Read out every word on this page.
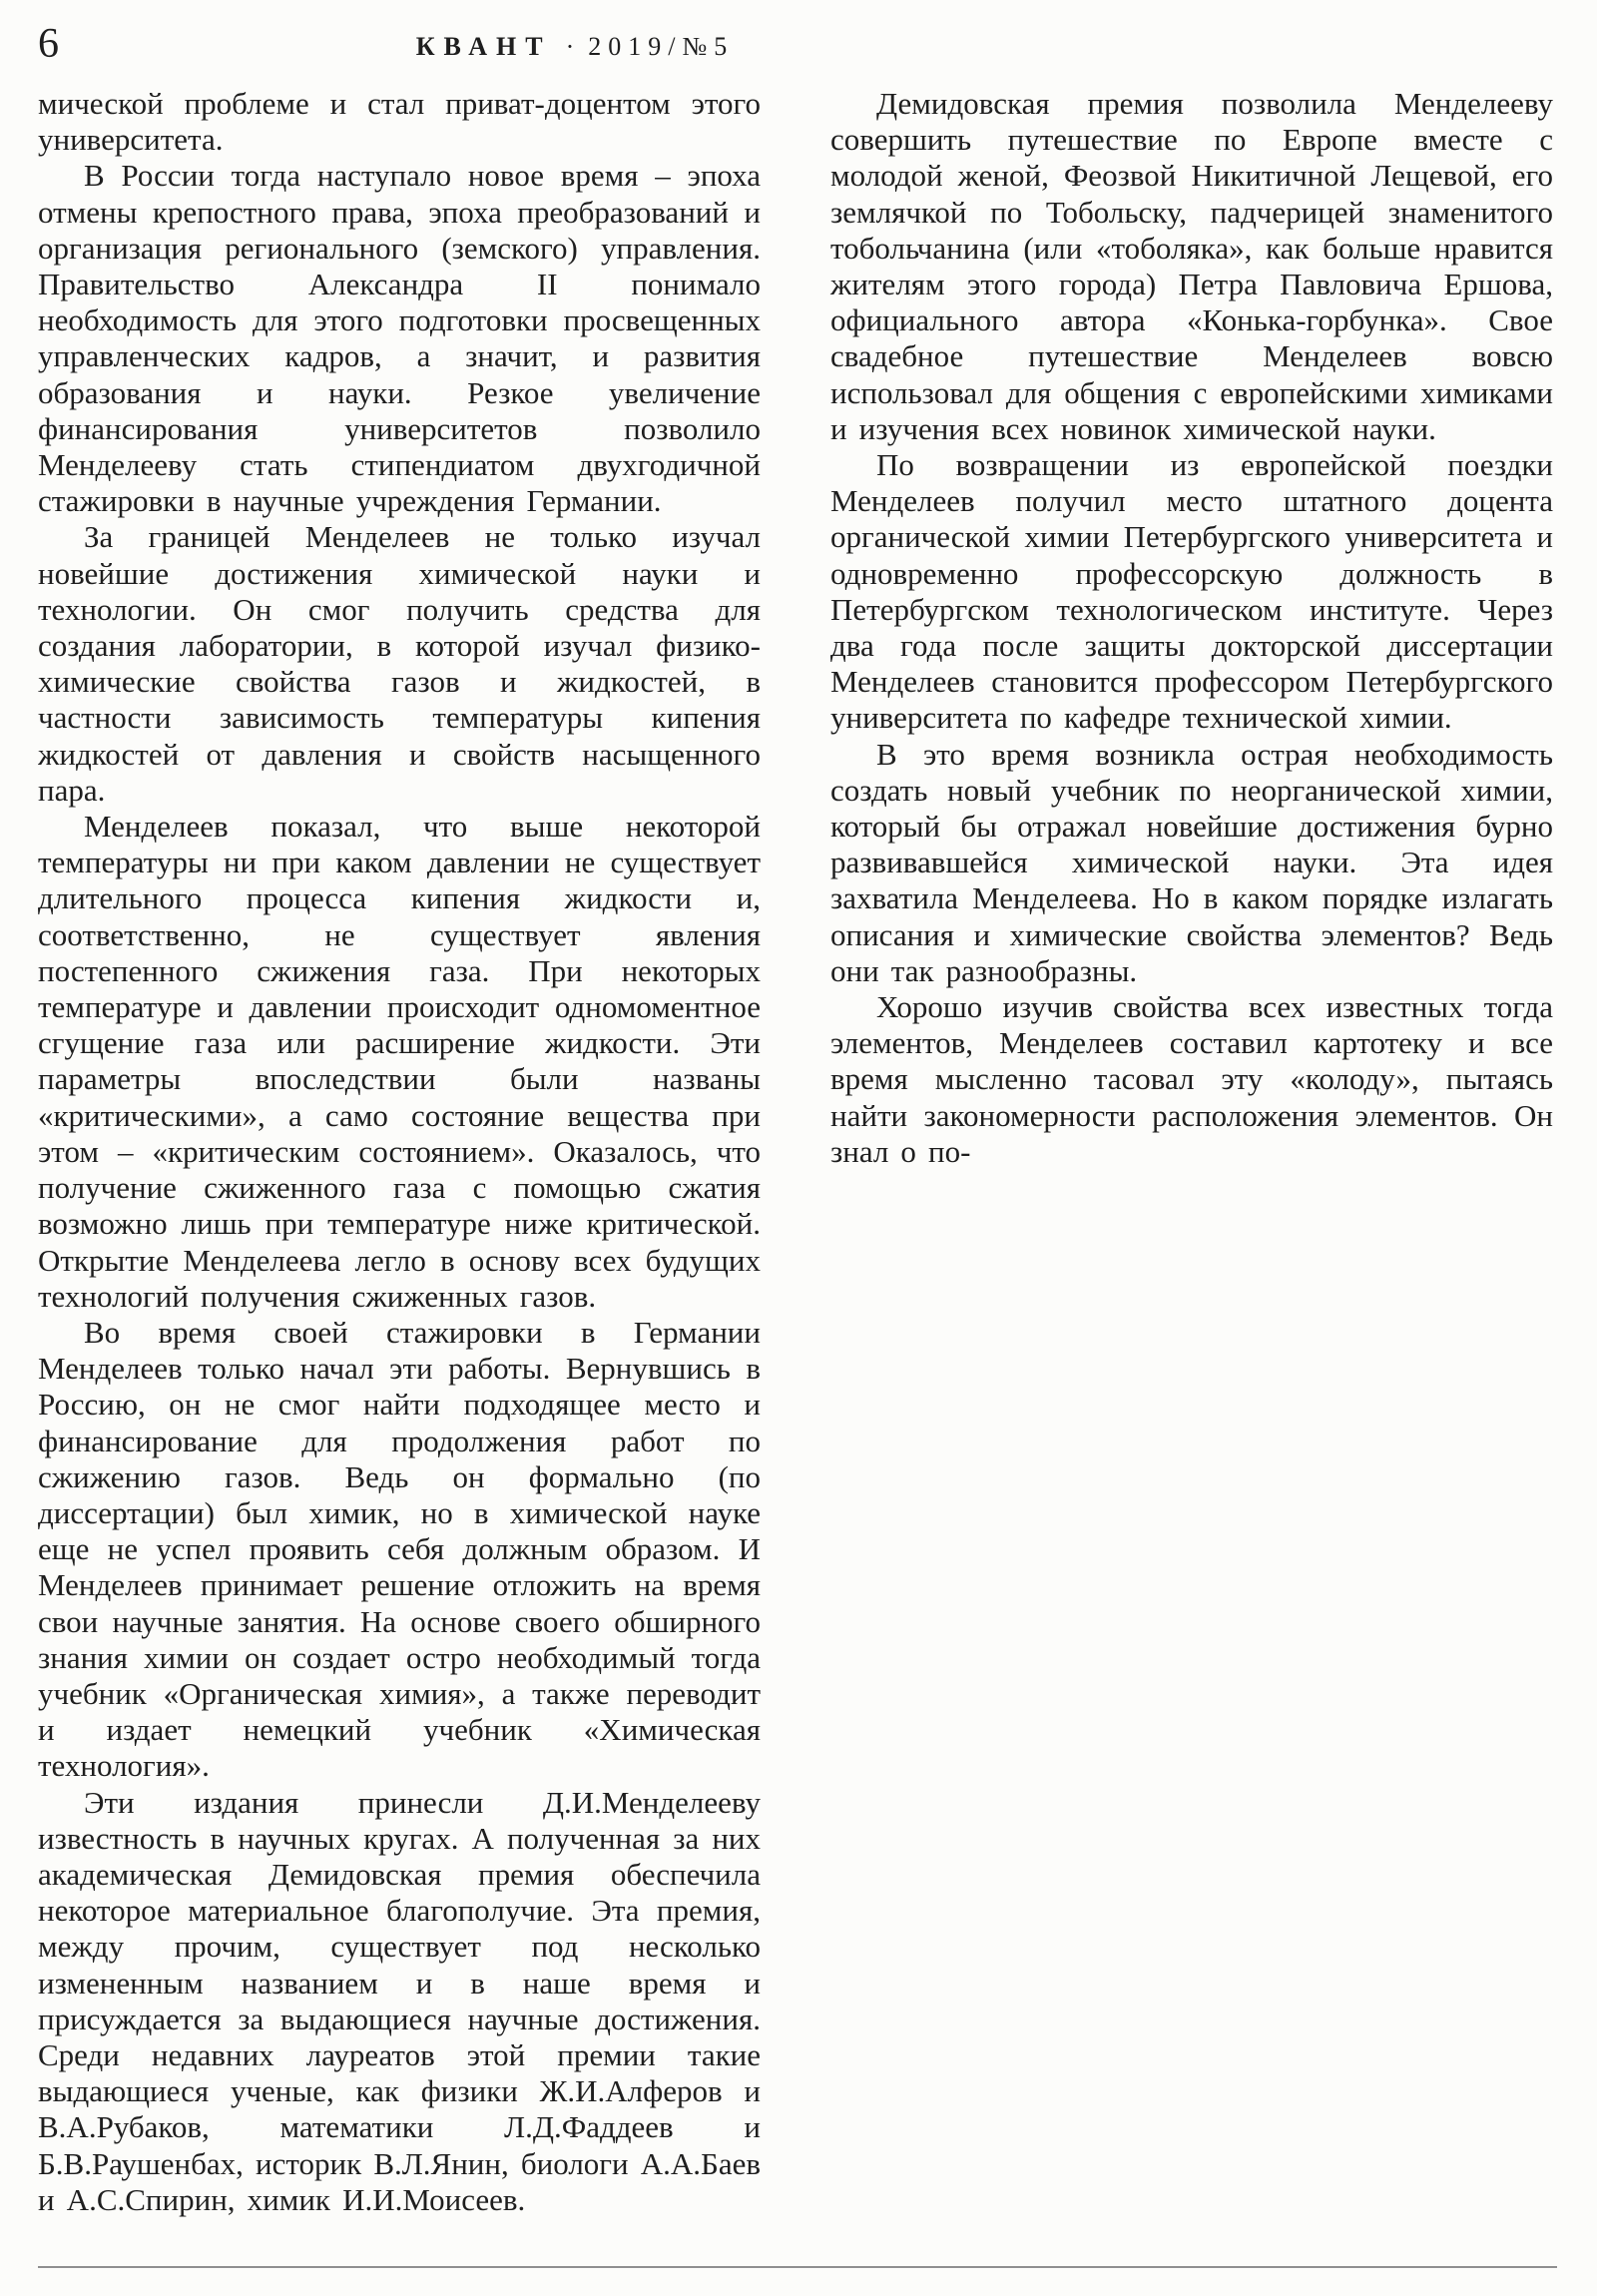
6	КВАНТ · 2019/№5

мической проблеме и стал приват-доцентом этого университета.

В России тогда наступало новое время – эпоха отмены крепостного права, эпоха преобразований и организация регионального (земского) управления. Правительство Александра II понимало необходимость для этого подготовки просвещенных управленческих кадров, а значит, и развития образования и науки. Резкое увеличение финансирования университетов позволило Менделееву стать стипендиатом двухгодичной стажировки в научные учреждения Германии.

За границей Менделеев не только изучал новейшие достижения химической науки и технологии. Он смог получить средства для создания лаборатории, в которой изучал физико-химические свойства газов и жидкостей, в частности зависимость температуры кипения жидкостей от давления и свойств насыщенного пара.

Менделеев показал, что выше некоторой температуры ни при каком давлении не существует длительного процесса кипения жидкости и, соответственно, не существует явления постепенного сжижения газа. При некоторых температуре и давлении происходит одномоментное сгущение газа или расширение жидкости. Эти параметры впоследствии были названы «критическими», а само состояние вещества при этом – «критическим состоянием». Оказалось, что получение сжиженного газа с помощью сжатия возможно лишь при температуре ниже критической. Открытие Менделеева легло в основу всех будущих технологий получения сжиженных газов.

Во время своей стажировки в Германии Менделеев только начал эти работы. Вернувшись в Россию, он не смог найти подходящее место и финансирование для продолжения работ по сжижению газов. Ведь он формально (по диссертации) был химик, но в химической науке еще не успел проявить себя должным образом. И Менделеев принимает решение отложить на время свои научные занятия. На основе своего обширного знания химии он создает остро необходимый тогда учебник «Органическая химия», а также переводит и издает немецкий учебник «Химическая технология».

Эти издания принесли Д.И.Менделееву известность в научных кругах. А полученная за них академическая Демидовская премия обеспечила некоторое материальное благополучие. Эта премия, между прочим, существует под несколько измененным названием и в наше время и присуждается за выдающиеся научные достижения. Среди недавних лауреатов этой премии такие выдающиеся ученые, как физики Ж.И.Алферов и В.А.Рубаков, математики Л.Д.Фаддеев и Б.В.Раушенбах, историк В.Л.Янин, биологи А.А.Баев и А.С.Спирин, химик И.И.Моисеев.

Демидовская премия позволила Менделееву совершить путешествие по Европе вместе с молодой женой, Феозвой Никитичной Лещевой, его землячкой по Тобольску, падчерицей знаменитого тобольчанина (или «тоболяка», как больше нравится жителям этого города) Петра Павловича Ершова, официального автора «Конька-горбунка». Свое свадебное путешествие Менделеев вовсю использовал для общения с европейскими химиками и изучения всех новинок химической науки.

По возвращении из европейской поездки Менделеев получил место штатного доцента органической химии Петербургского университета и одновременно профессорскую должность в Петербургском технологическом институте. Через два года после защиты докторской диссертации Менделеев становится профессором Петербургского университета по кафедре технической химии.

В это время возникла острая необходимость создать новый учебник по неорганической химии, который бы отражал новейшие достижения бурно развивавшейся химической науки. Эта идея захватила Менделеева. Но в каком порядке излагать описания и химические свойства элементов? Ведь они так разнообразны.

Хорошо изучив свойства всех известных тогда элементов, Менделеев составил картотеку и все время мысленно тасовал эту «колоду», пытаясь найти закономерности расположения элементов. Он знал о по-
